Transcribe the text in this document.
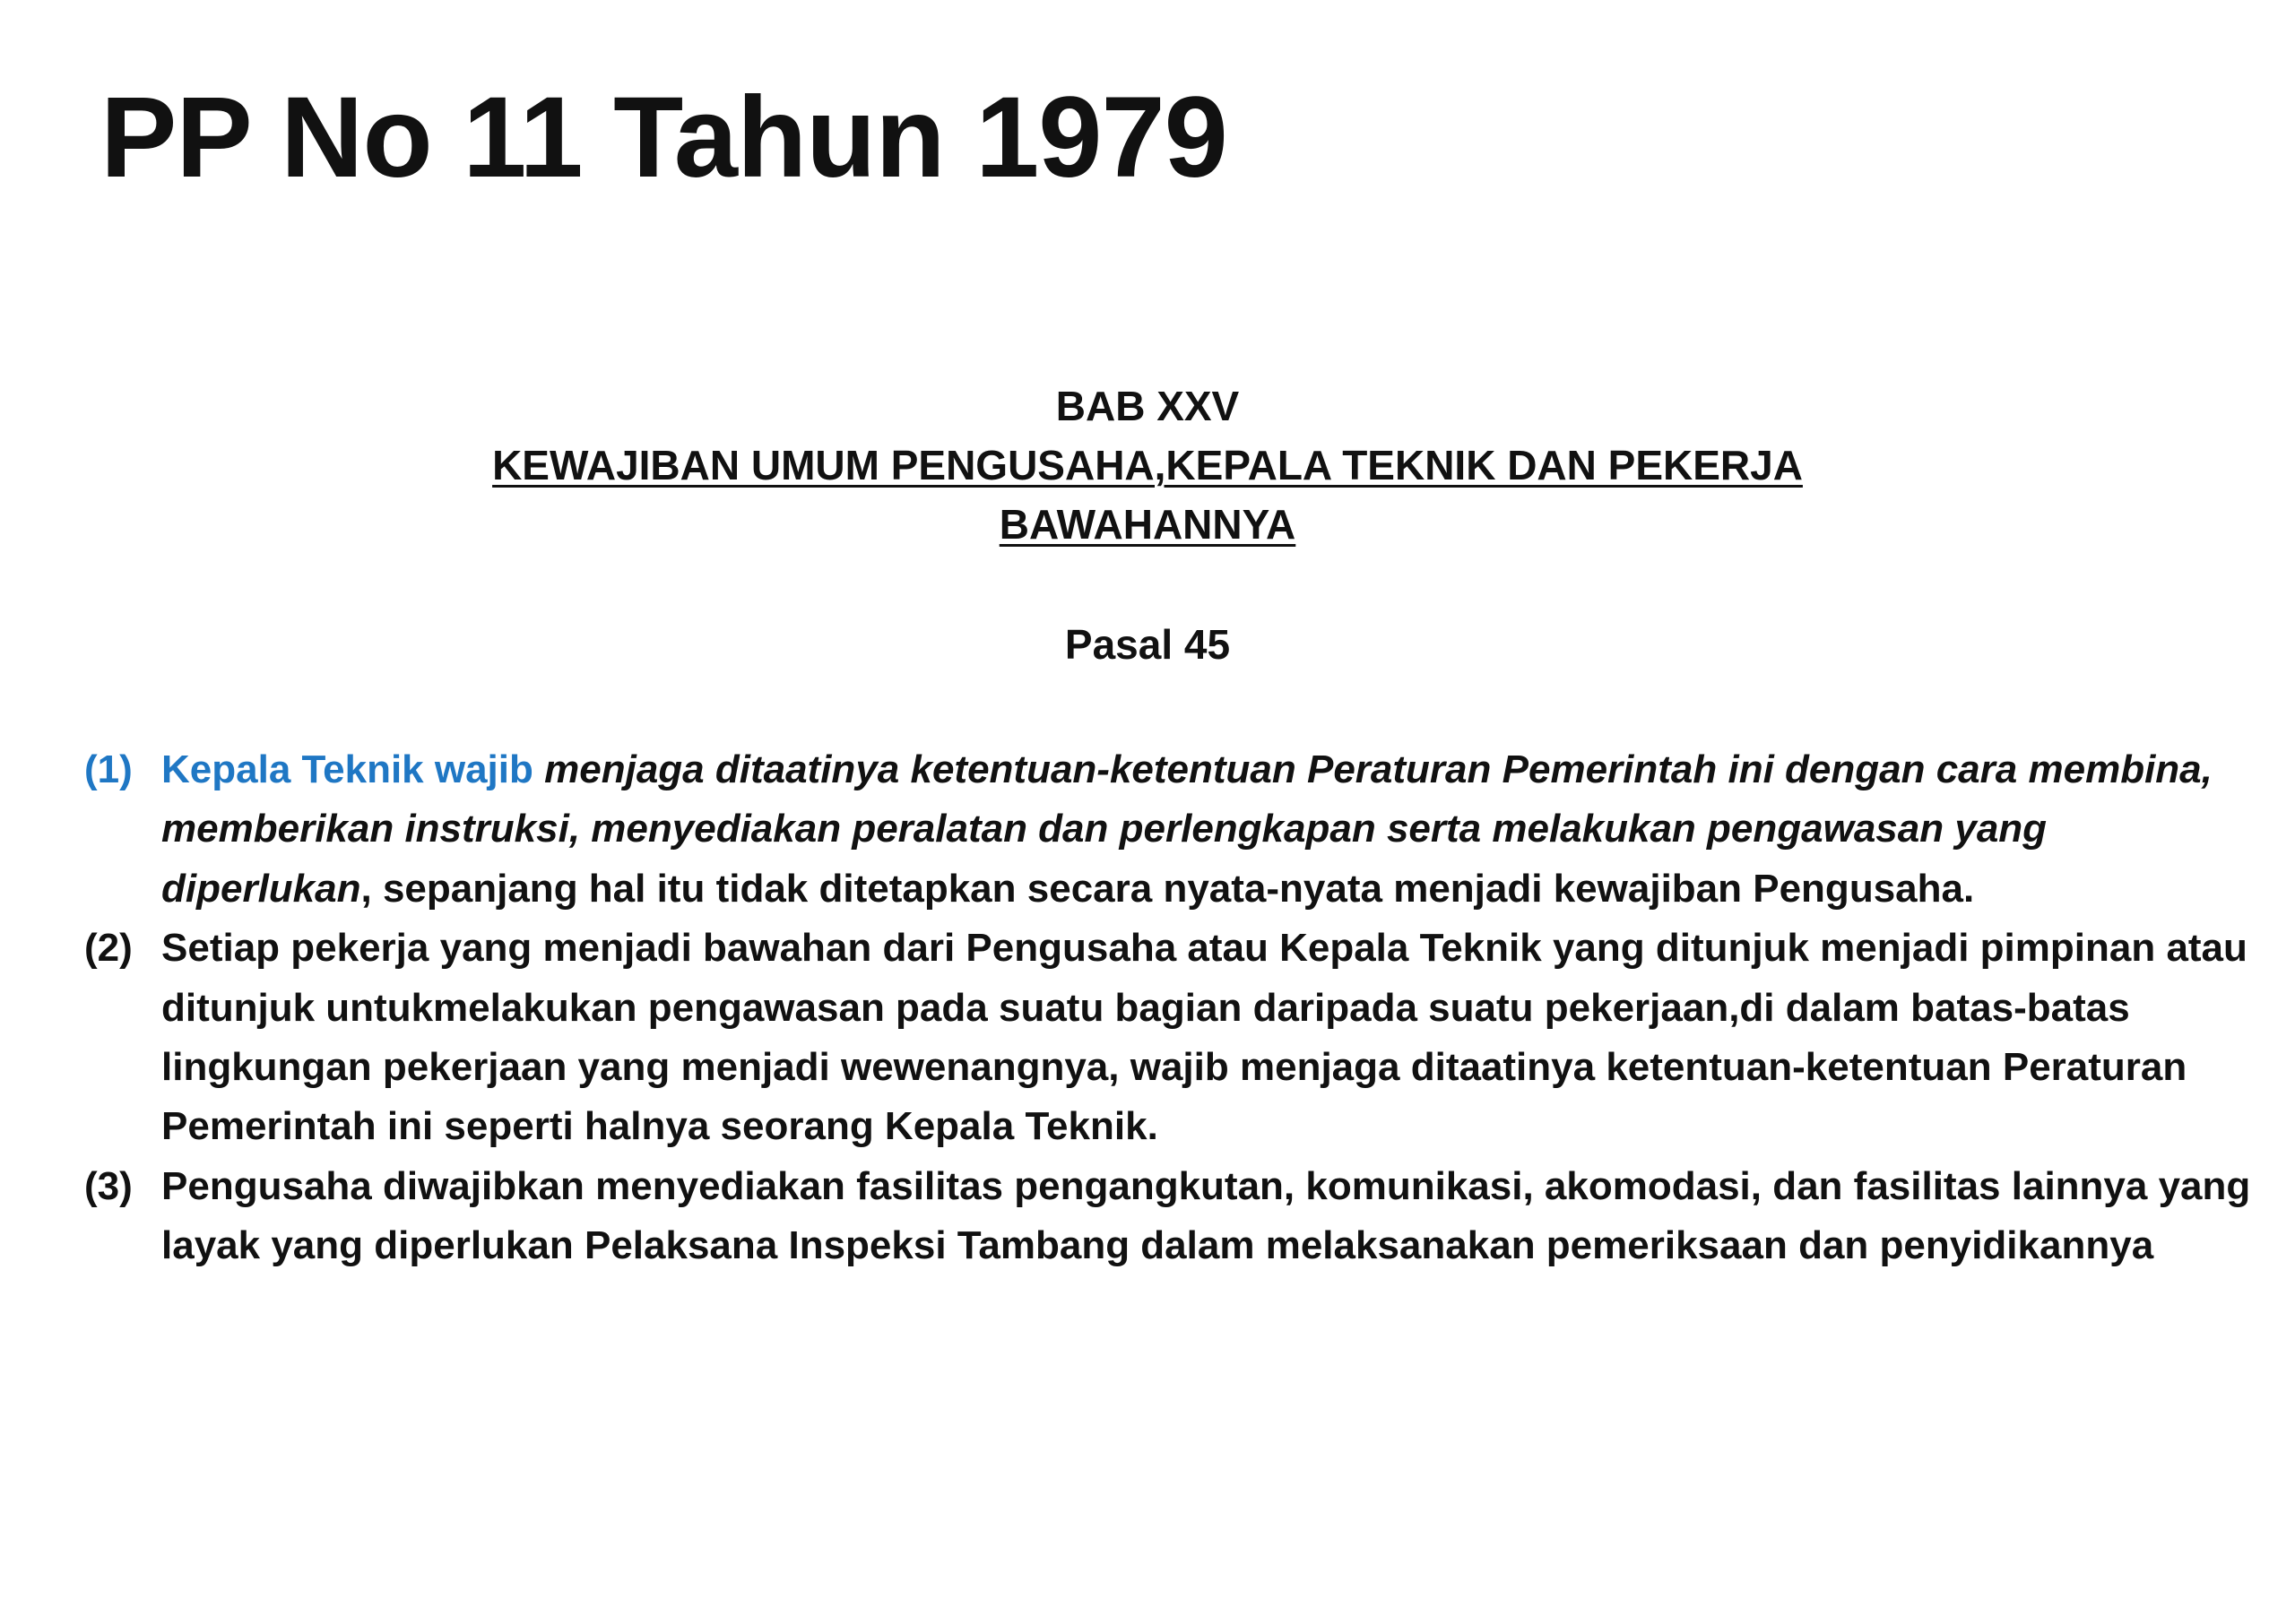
PP No 11 Tahun 1979
BAB XXV
KEWAJIBAN UMUM PENGUSAHA,KEPALA TEKNIK DAN PEKERJA
BAWAHANNYA
Pasal 45
(1) Kepala Teknik wajib menjaga ditaatinya ketentuan-ketentuan Peraturan Pemerintah ini dengan cara membina, memberikan instruksi, menyediakan peralatan dan perlengkapan serta melakukan pengawasan yang diperlukan, sepanjang hal itu tidak ditetapkan secara nyata-nyata menjadi kewajiban Pengusaha.
(2) Setiap pekerja yang menjadi bawahan dari Pengusaha atau Kepala Teknik yang ditunjuk menjadi pimpinan atau ditunjuk untukmelakukan pengawasan pada suatu bagian daripada suatu pekerjaan,di dalam batas-batas lingkungan pekerjaan yang menjadi wewenangnya, wajib menjaga ditaatinya ketentuan-ketentuan Peraturan Pemerintah ini seperti halnya seorang Kepala Teknik.
(3) Pengusaha diwajibkan menyediakan fasilitas pengangkutan, komunikasi, akomodasi, dan fasilitas lainnya yang layak yang diperlukan Pelaksana Inspeksi Tambang dalam melaksanakan pemeriksaan dan penyidikannya
